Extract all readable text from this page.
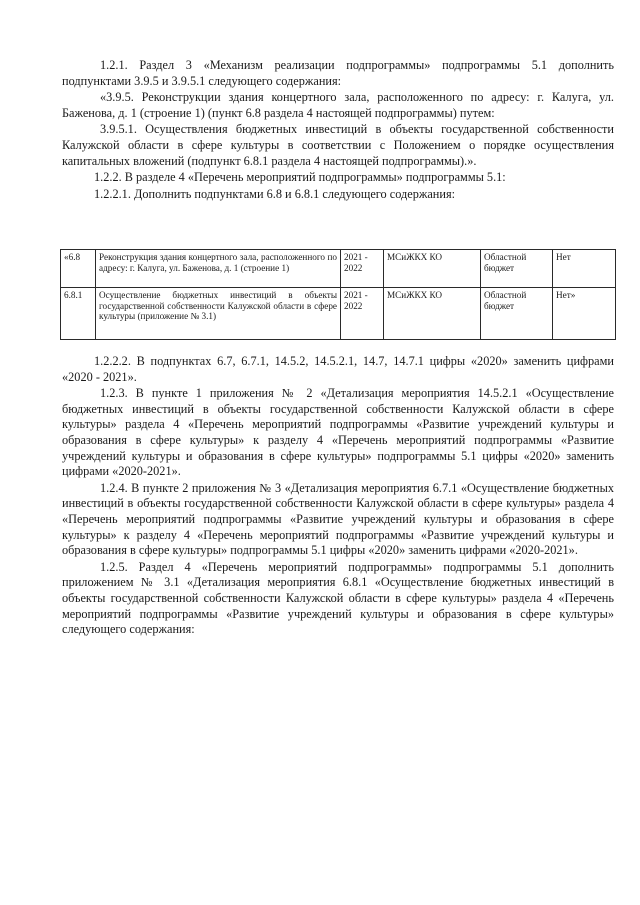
1.2.1. Раздел 3 «Механизм реализации подпрограммы» подпрограммы 5.1 дополнить подпунктами 3.9.5 и 3.9.5.1 следующего содержания:

«3.9.5. Реконструкции здания концертного зала, расположенного по адресу: г. Калуга, ул. Баженова, д. 1 (строение 1) (пункт 6.8 раздела 4 настоящей подпрограммы) путем:

3.9.5.1. Осуществления бюджетных инвестиций в объекты государственной собственности Калужской области в сфере культуры в соответствии с Положением о порядке осуществления капитальных вложений (подпункт 6.8.1 раздела 4 настоящей подпрограммы).».

1.2.2. В разделе 4 «Перечень мероприятий подпрограммы» подпрограммы 5.1:

1.2.2.1. Дополнить подпунктами 6.8 и 6.8.1 следующего содержания:

«6.8	Реконструкция здания концертного зала, расположенного по адресу: г. Калуга, ул. Баженова, д. 1 (строение 1)	2021 - 2022	МСиЖКХ КО	Областной бюджет	Нет
6.8.1	Осуществление бюджетных инвестиций в объекты государственной собственности Калужской области в сфере культуры (приложение № 3.1)	2021 - 2022	МСиЖКХ КО	Областной бюджет	Нет»

1.2.2.2. В подпунктах 6.7, 6.7.1, 14.5.2, 14.5.2.1, 14.7, 14.7.1 цифры «2020» заменить цифрами «2020 - 2021».

1.2.3. В пункте 1 приложения № 2 «Детализация мероприятия 14.5.2.1 «Осуществление бюджетных инвестиций в объекты государственной собственности Калужской области в сфере культуры» раздела 4 «Перечень мероприятий подпрограммы «Развитие учреждений культуры и образования в сфере культуры» к разделу 4 «Перечень мероприятий подпрограммы «Развитие учреждений культуры и образования в сфере культуры» подпрограммы 5.1 цифры «2020» заменить цифрами «2020-2021».

1.2.4. В пункте 2 приложения № 3 «Детализация мероприятия 6.7.1 «Осуществление бюджетных инвестиций в объекты государственной собственности Калужской области в сфере культуры» раздела 4 «Перечень мероприятий подпрограммы «Развитие учреждений культуры и образования в сфере культуры» к разделу 4 «Перечень мероприятий подпрограммы «Развитие учреждений культуры и образования в сфере культуры» подпрограммы 5.1 цифры «2020» заменить цифрами «2020-2021».

1.2.5. Раздел 4 «Перечень мероприятий подпрограммы» подпрограммы 5.1 дополнить приложением № 3.1 «Детализация мероприятия 6.8.1 «Осуществление бюджетных инвестиций в объекты государственной собственности Калужской области в сфере культуры» раздела 4 «Перечень мероприятий подпрограммы «Развитие учреждений культуры и образования в сфере культуры» следующего содержания:
